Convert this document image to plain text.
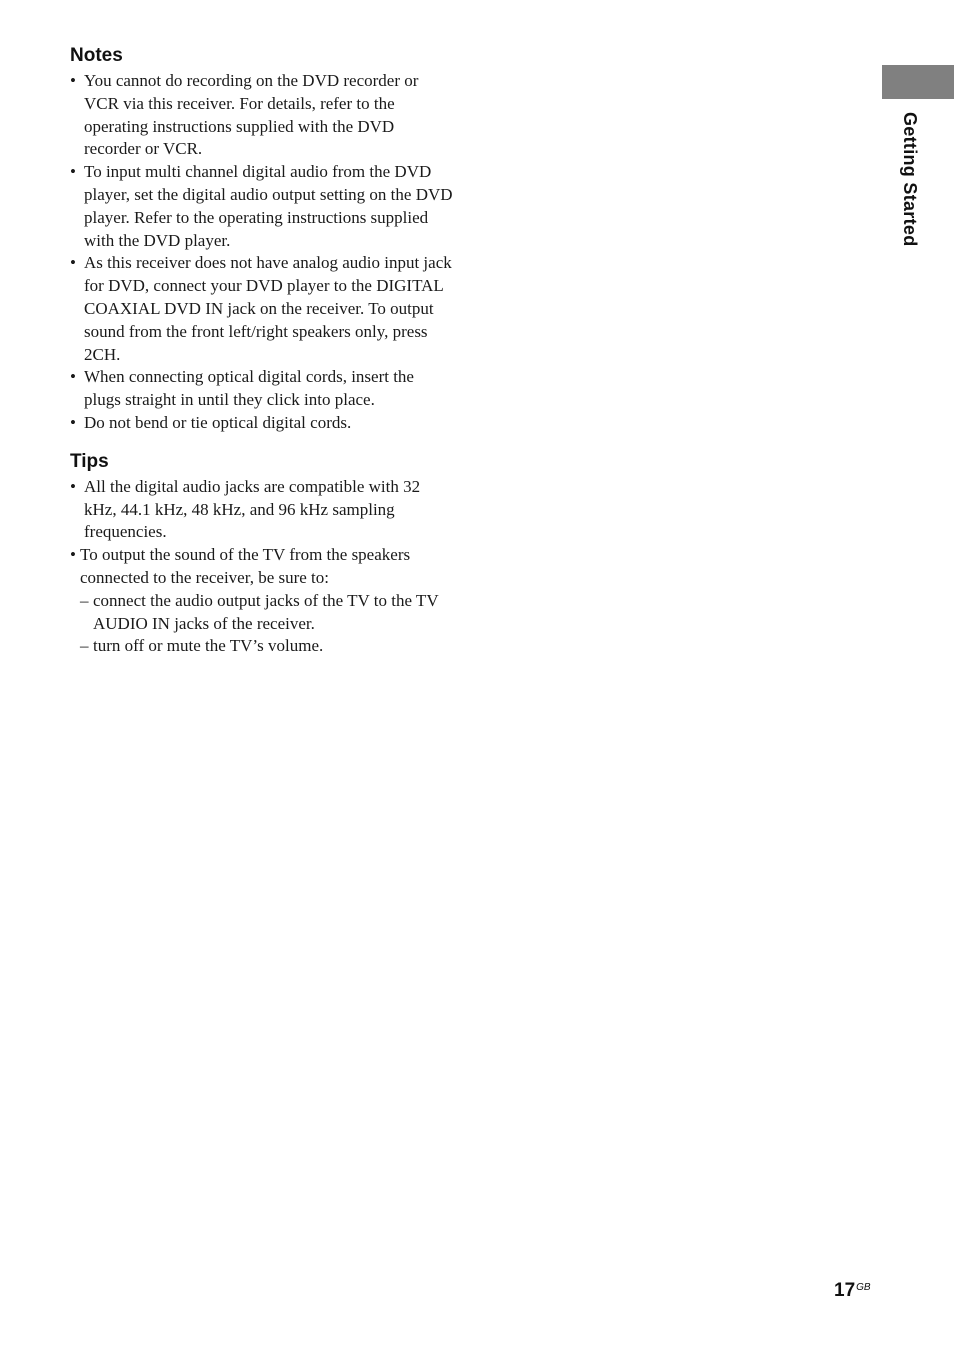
Notes
• You cannot do recording on the DVD recorder or VCR via this receiver. For details, refer to the operating instructions supplied with the DVD recorder or VCR.
• To input multi channel digital audio from the DVD player, set the digital audio output setting on the DVD player. Refer to the operating instructions supplied with the DVD player.
• As this receiver does not have analog audio input jack for DVD, connect your DVD player to the DIGITAL COAXIAL DVD IN jack on the receiver. To output sound from the front left/right speakers only, press 2CH.
• When connecting optical digital cords, insert the plugs straight in until they click into place.
• Do not bend or tie optical digital cords.
Tips
• All the digital audio jacks are compatible with 32 kHz, 44.1 kHz, 48 kHz, and 96 kHz sampling frequencies.
• To output the sound of the TV from the speakers connected to the receiver, be sure to:
– connect the audio output jacks of the TV to the TV AUDIO IN jacks of the receiver.
– turn off or mute the TV’s volume.
Getting Started
$17^{GB}$
